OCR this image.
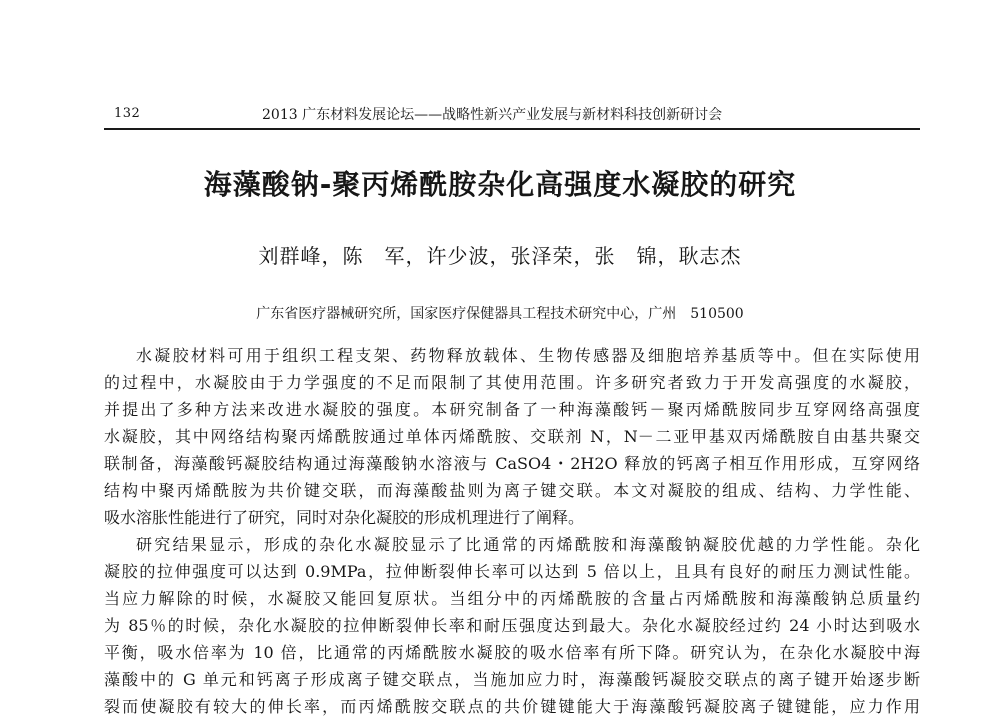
132	2013 广东材料发展论坛——战略性新兴产业发展与新材料科技创新研讨会
海藻酸钠-聚丙烯酰胺杂化高强度水凝胶的研究
刘群峰，陈　军，许少波，张泽荣，张　锦，耿志杰
广东省医疗器械研究所，国家医疗保健器具工程技术研究中心，广州　510500
水凝胶材料可用于组织工程支架、药物释放载体、生物传感器及细胞培养基质等中。但在实际使用
的过程中，水凝胶由于力学强度的不足而限制了其使用范围。许多研究者致力于开发高强度的水凝胶，
并提出了多种方法来改进水凝胶的强度。本研究制备了一种海藻酸钙－聚丙烯酰胺同步互穿网络高强度
水凝胶，其中网络结构聚丙烯酰胺通过单体丙烯酰胺、交联剂 N，N－二亚甲基双丙烯酰胺自由基共聚交
联制备，海藻酸钙凝胶结构通过海藻酸钠水溶液与 CaSO4・2H2O 释放的钙离子相互作用形成，互穿网络
结构中聚丙烯酰胺为共价键交联，而海藻酸盐则为离子键交联。本文对凝胶的组成、结构、力学性能、
吸水溶胀性能进行了研究，同时对杂化凝胶的形成机理进行了阐释。
研究结果显示，形成的杂化水凝胶显示了比通常的丙烯酰胺和海藻酸钠凝胶优越的力学性能。杂化
凝胶的拉伸强度可以达到 0.9MPa，拉伸断裂伸长率可以达到 5 倍以上，且具有良好的耐压力测试性能。
当应力解除的时候，水凝胶又能回复原状。当组分中的丙烯酰胺的含量占丙烯酰胺和海藻酸钠总质量约
为 85％的时候，杂化水凝胶的拉伸断裂伸长率和耐压强度达到最大。杂化水凝胶经过约 24 小时达到吸水
平衡，吸水倍率为 10 倍，比通常的丙烯酰胺水凝胶的吸水倍率有所下降。研究认为，在杂化水凝胶中海
藻酸中的 G 单元和钙离子形成离子键交联点，当施加应力时，海藻酸钙凝胶交联点的离子键开始逐步断
裂而使凝胶有较大的伸长率，而丙烯酰胺交联点的共价键键能大于海藻酸钙凝胶离子键键能，应力作用
